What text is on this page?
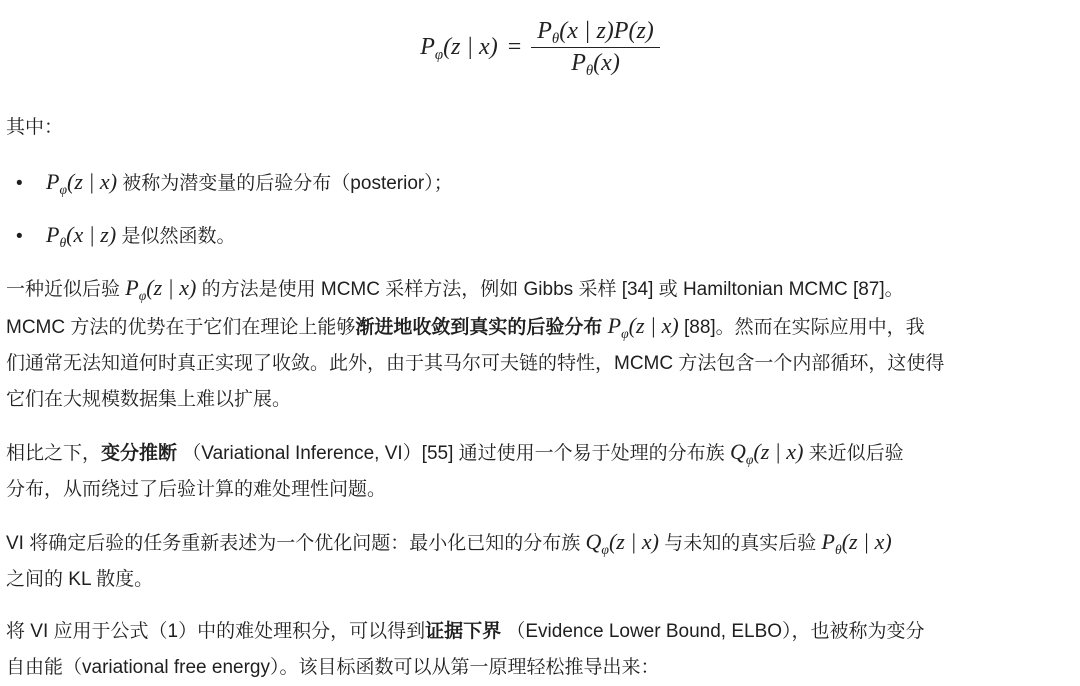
$P_\varphi(z$ | $x) = \frac{P_\theta(x | z)P(z)}{P_\theta(x)}$
其中：
• $P_\varphi(z$ | x) 被称为潜变量的后验分布（posterior）；
• $P_\theta(x$ | z) 是似然函数。
一种近似后验 $P_\varphi(z$ | x) 的方法是使用 MCMC 采样方法，例如 Gibbs 采样 [34] 或 Hamiltonian MCMC [87]。
MCMC 方法的优势在于它们在理论上能够渐进地收敛到真实的后验分布 $P_\varphi(z$ | x) [88]。然而在实际应用中，我
们通常无法知道何时真正实现了收敛。此外，由于其马尔可夫链的特性，MCMC 方法包含一个内部循环，这使得
它们在大规模数据集上难以扩展。
相比之下，变分推断 （Variational Inference, VI）[55] 通过使用一个易于处理的分布族 $Q_\varphi(z$ | x) 来近似后验
分布，从而绕过了后验计算的难处理性问题。
VI 将确定后验的任务重新表述为一个优化问题：最小化已知的分布族 $Q_\varphi(z$ | x) 与未知的真实后验 $P_\theta(z$ | x)
之间的 KL 散度。
将 VI 应用于公式（1）中的难处理积分，可以得到证据下界 （Evidence Lower Bound, ELBO），也被称为变分
自由能（variational free energy）。该目标函数可以从第一原理轻松推导出来：
